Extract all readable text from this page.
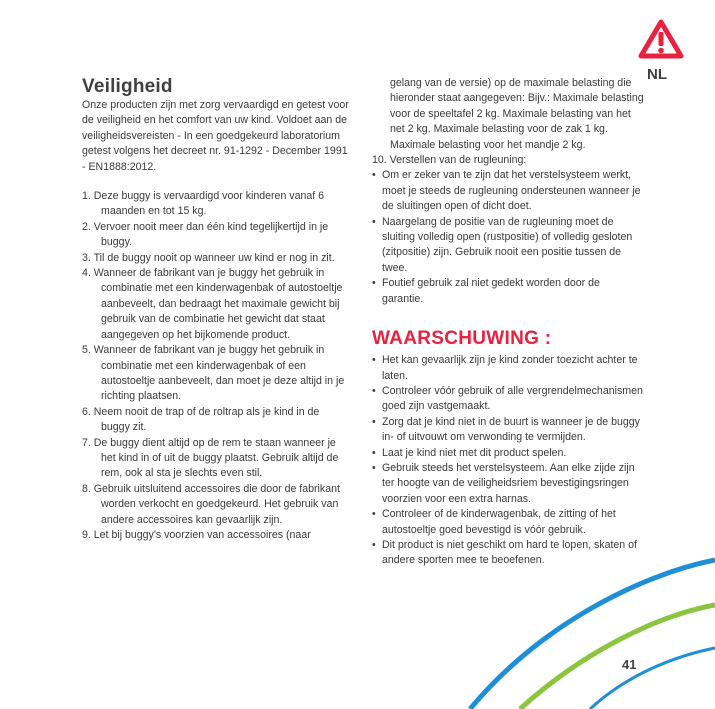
NL
Veiligheid

Onze producten zijn met zorg vervaardigd en getest voor de veiligheid en het comfort van uw kind. Voldoet aan de veiligheidsvereisten - In een goedgekeurd laboratorium getest volgens het decreet nr. 91-1292 - December 1991 - EN1888:2012.

1. Deze buggy is vervaardigd voor kinderen vanaf 6 maanden en tot 15 kg.
2. Vervoer nooit meer dan één kind tegelijkertijd in je buggy.
3. Til de buggy nooit op wanneer uw kind er nog in zit.
4. Wanneer de fabrikant van je buggy het gebruik in combinatie met een kinderwagenbak of autostoeltje aanbeveelt, dan bedraagt het maximale gewicht bij gebruik van de combinatie het gewicht dat staat aangegeven op het bijkomende product.
5. Wanneer de fabrikant van je buggy het gebruik in combinatie met een kinderwagenbak of een autostoeltje aanbeveelt, dan moet je deze altijd in je richting plaatsen.
6. Neem nooit de trap of de roltrap als je kind in de buggy zit.
7. De buggy dient altijd op de rem te staan wanneer je het kind in of uit de buggy plaatst. Gebruik altijd de rem, ook al sta je slechts even stil.
8. Gebruik uitsluitend accessoires die door de fabrikant worden verkocht en goedgekeurd. Het gebruik van andere accessoires kan gevaarlijk zijn.
9. Let bij buggy's voorzien van accessoires (naar
gelang van de versie) op de maximale belasting die hieronder staat aangegeven: Bijv.: Maximale belasting voor de speeltafel 2 kg. Maximale belasting van het net 2 kg. Maximale belasting voor de zak 1 kg. Maximale belasting voor het mandje 2 kg.
10. Verstellen van de rugleuning:
• Om er zeker van te zijn dat het verstelsysteem werkt, moet je steeds de rugleuning ondersteunen wanneer je de sluitingen open of dicht doet.
• Naargelang de positie van de rugleuning moet de sluiting volledig open (rustpositie) of volledig gesloten (zitpositie) zijn. Gebruik nooit een positie tussen de twee.
• Foutief gebruik zal niet gedekt worden door de garantie.
WAARSCHUWING :
• Het kan gevaarlijk zijn je kind zonder toezicht achter te laten.
• Controleer vóór gebruik of alle vergrendelmechanismen goed zijn vastgemaakt.
• Zorg dat je kind niet in de buurt is wanneer je de buggy in- of uitvouwt om verwonding te vermijden.
• Laat je kind niet met dit product spelen.
• Gebruik steeds het verstelsysteem. Aan elke zijde zijn ter hoogte van de veiligheidsriem bevestigingsringen voorzien voor een extra harnas.
• Controleer of de kinderwagenbak, de zitting of het autostoeltje goed bevestigd is vóór gebruik.
• Dit product is niet geschikt om hard te lopen, skaten of andere sporten mee te beoefenen.
41
